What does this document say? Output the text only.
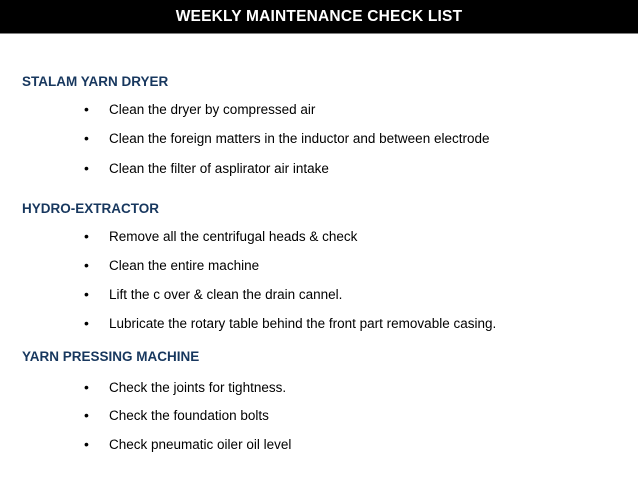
WEEKLY MAINTENANCE CHECK LIST
STALAM YARN DRYER
•	Clean the dryer by compressed air
•	Clean the foreign matters in the inductor and between electrode
•	Clean the filter of asplirator air intake
HYDRO-EXTRACTOR
•	Remove all the centrifugal heads & check
•	Clean the entire machine
•	Lift the c over & clean the drain cannel.
•	Lubricate the rotary table behind the front part removable casing.
YARN PRESSING MACHINE
•	Check the joints for tightness.
•	Check the foundation bolts
•	Check pneumatic oiler oil level
